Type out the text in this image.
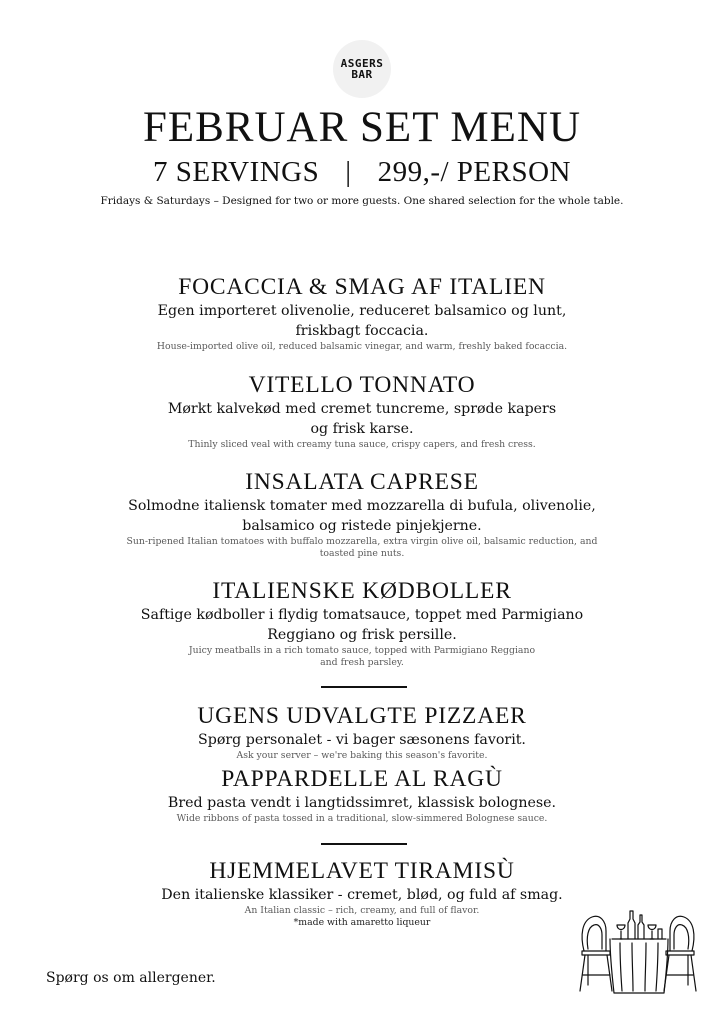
ASGERS
BAR
FEBRUAR SET MENU
7 SERVINGS | 299,-/ PERSON
Fridays & Saturdays – Designed for two or more guests. One shared selection for the whole table.
FOCACCIA & SMAG AF ITALIEN

Egen importeret olivenolie, reduceret balsamico og lunt,

friskbagt foccacia.

House-imported olive oil, reduced balsamic vinegar, and warm, freshly baked focaccia.

VITELLO TONNATO

Mørkt kalvekød med cremet tuncreme, sprøde kapers

og frisk karse.

Thinly sliced veal with creamy tuna sauce, crispy capers, and fresh cress.

INSALATA CAPRESE

Solmodne italiensk tomater med mozzarella di bufula, olivenolie,

balsamico og ristede pinjekjerne.

Sun-ripened Italian tomatoes with buffalo mozzarella, extra virgin olive oil, balsamic reduction, and

toasted pine nuts.

ITALIENSKE KØDBOLLER

Saftige kødboller i flydig tomatsauce, toppet med Parmigiano

Reggiano og frisk persille.

Juicy meatballs in a rich tomato sauce, topped with Parmigiano Reggiano

and fresh parsley.

UGENS UDVALGTE PIZZAER

Spørg personalet - vi bager sæsonens favorit.

Ask your server – we're baking this season's favorite.

PAPPARDELLE AL RAGÙ

Bred pasta vendt i langtidssimret, klassisk bolognese.

Wide ribbons of pasta tossed in a traditional, slow-simmered Bolognese sauce.

HJEMMELAVET TIRAMISÙ

Den italienske klassiker - cremet, blød, og fuld af smag.

An Italian classic – rich, creamy, and full of flavor.

*made with amaretto liqueur

Spørg os om allergener.
